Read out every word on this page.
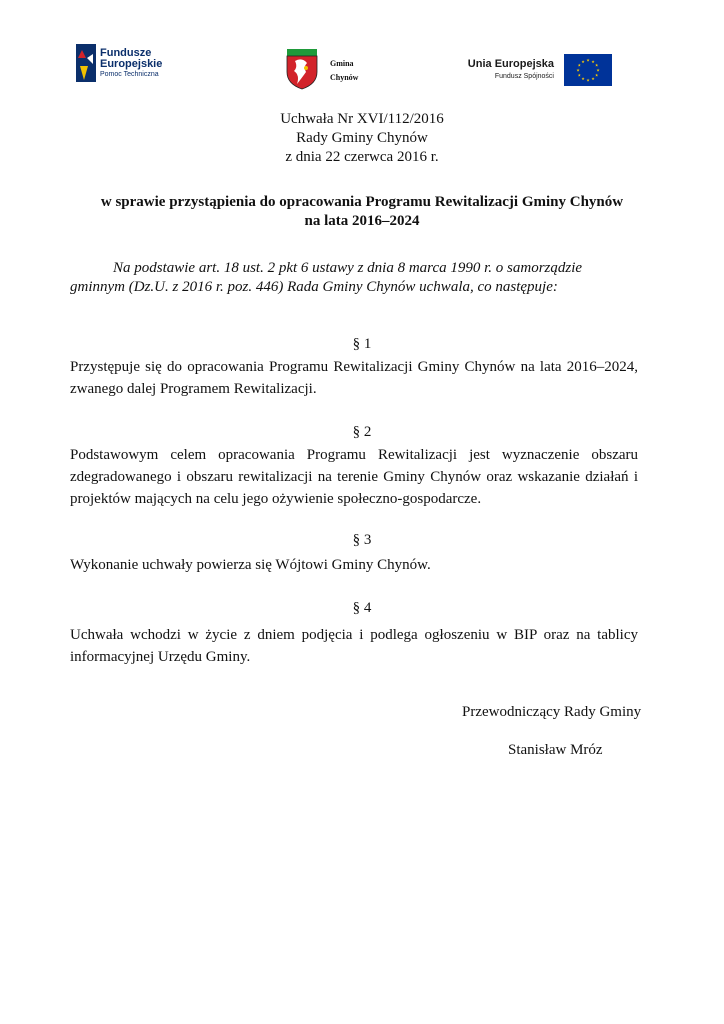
Fundusze
Europejskie
Pomoc Techniczna
Gmina
Chynów
Unia Europejska
Fundusz Spójności
★ ★
★
★
★
★
★
★
★
★
★
★
Uchwała Nr XVI/112/2016
Rady Gminy Chynów
z dnia 22 czerwca 2016 r.
w sprawie przystąpienia do opracowania Programu Rewitalizacji Gminy Chynów
na lata 2016–2024

Na podstawie art. 18 ust. 2 pkt 6 ustawy z dnia 8 marca 1990 r. o samorządzie gminnym (Dz.U. z 2016 r. poz. 446) Rada Gminy Chynów uchwala, co następuje:

§ 1

Przystępuje się do opracowania Programu Rewitalizacji Gminy Chynów na lata 2016–2024, zwanego dalej Programem Rewitalizacji.

§ 2

Podstawowym celem opracowania Programu Rewitalizacji jest wyznaczenie obszaru zdegradowanego i obszaru rewitalizacji na terenie Gminy Chynów oraz wskazanie działań i projektów mających na celu jego ożywienie społeczno-gospodarcze.

§ 3

Wykonanie uchwały powierza się Wójtowi Gminy Chynów.

§ 4

Uchwała wchodzi w życie z dniem podjęcia i podlega ogłoszeniu w BIP oraz na tablicy informacyjnej Urzędu Gminy.

Przewodniczący Rady Gminy

Stanisław Mróz
